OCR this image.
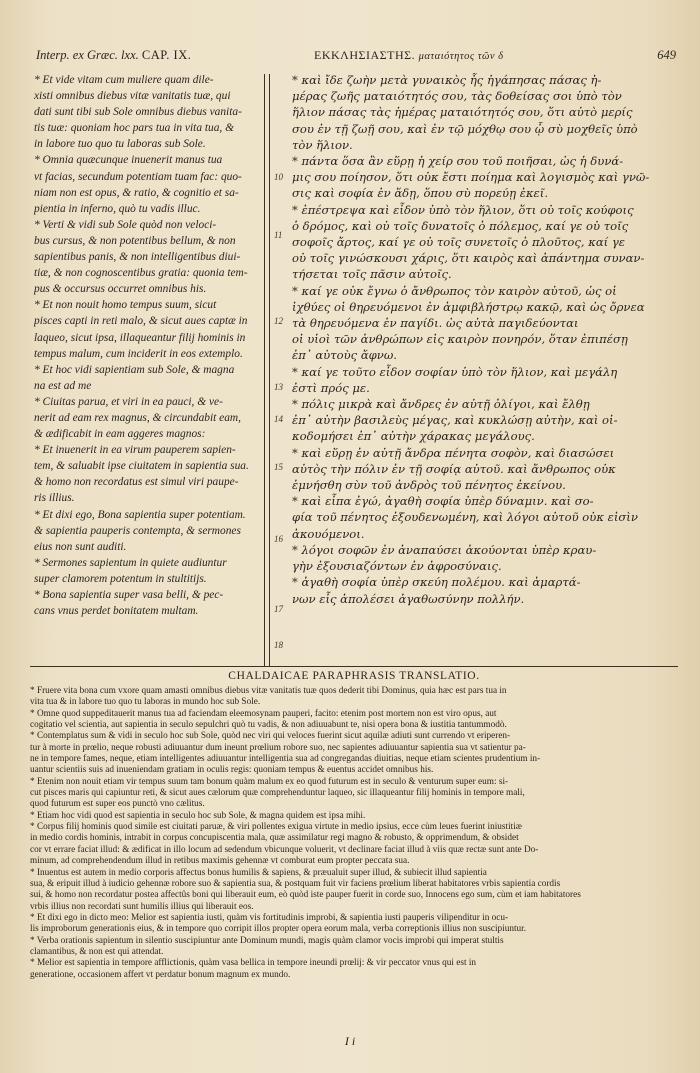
Interp. ex Græc. lxx. CAP. IX.	ΕΚΚΛΗΣΙΑΣΤΗΣ. ματαιότητος τῶν δ	649

* Et vide vitam cum muliere quam dile-

xisti omnibus diebus vitæ vanitatis tuæ, qui

dati sunt tibi sub Sole omnibus diebus vanita-

tis tuæ: quoniam hoc pars tua in vita tua, &

in labore tuo quo tu laboras sub Sole.

* Omnia quæcunque inuenerit manus tua

vt facias, secundum potentiam tuam fac: quo-

niam non est opus, & ratio, & cognitio et sa-

pientia in inferno, quò tu vadis illuc.

* Verti & vidi sub Sole quòd non veloci-

bus cursus, & non potentibus bellum, & non

sapientibus panis, & non intelligentibus diui-

tiæ, & non cognoscentibus gratia: quonia tem-

pus & occursus occurret omnibus his.

* Et non nouit homo tempus suum, sicut

pisces capti in reti malo, & sicut aues captæ in

laqueo, sicut ipsa, illaqueantur filij hominis in

tempus malum, cum inciderit in eos extemplo.

* Et hoc vidi sapientiam sub Sole, & magna

na est ad me

* Ciuitas parua, et viri in ea pauci, & ve-

nerit ad eam rex magnus, & circundabit eam,

& ædificabit in eam aggeres magnos:

* Et inuenerit in ea virum pauperem sapien-

tem, & saluabit ipse ciuitatem in sapientia sua.

& homo non recordatus est simul viri paupe-

ris illius.

* Et dixi ego, Bona sapientia super potentiam.

& sapientia pauperis contempta, & sermones

eius non sunt auditi.

* Sermones sapientum in quiete audiuntur

super clamorem potentum in stultitijs.

* Bona sapientia super vasa belli, & pec-

cans vnus perdet bonitatem multam.

10
11
12
13
14
15
16
17
18

* καὶ ἴδε ζωὴν μετὰ γυναικὸς ἧς ἠγάπησας πάσας ἡ-

μέρας ζωῆς ματαιότητός σου, τὰς δοθείσας σοι ὑπὸ τὸν

ἥλιον πάσας τὰς ἡμέρας ματαιότητός σου, ὅτι αὐτὸ μερίς

σου ἐν τῇ ζωῇ σου, καὶ ἐν τῷ μόχθῳ σου ᾧ σὺ μοχθεῖς ὑπὸ

τὸν ἥλιον.

* πάντα ὅσα ἂν εὕρῃ ἡ χείρ σου τοῦ ποιῆσαι, ὡς ἡ δυνά-

μις σου ποίησον, ὅτι οὐκ ἔστι ποίημα καὶ λογισμὸς καὶ γνῶ-

σις καὶ σοφία ἐν ἅδῃ, ὅπου σὺ πορεύῃ ἐκεῖ.

* ἐπέστρεψα καὶ εἶδον ὑπὸ τὸν ἥλιον, ὅτι οὐ τοῖς κούφοις

ὁ δρόμος, καὶ οὐ τοῖς δυνατοῖς ὁ πόλεμος, καί γε οὐ τοῖς

σοφοῖς ἄρτος, καί γε οὐ τοῖς συνετοῖς ὁ πλοῦτος, καί γε

οὐ τοῖς γινώσκουσι χάρις, ὅτι καιρὸς καὶ ἀπάντημα συναν-

τήσεται τοῖς πᾶσιν αὐτοῖς.

* καί γε οὐκ ἔγνω ὁ ἄνθρωπος τὸν καιρὸν αὐτοῦ, ὡς οἱ

ἰχθύες οἱ θηρευόμενοι ἐν ἀμφιβλήστρῳ κακῷ, καὶ ὡς ὄρνεα

τὰ θηρευόμενα ἐν παγίδι. ὡς αὐτὰ παγιδεύονται

οἱ υἱοὶ τῶν ἀνθρώπων εἰς καιρὸν πονηρόν, ὅταν ἐπιπέσῃ

ἐπ᾽ αὐτοὺς ἄφνω.

* καί γε τοῦτο εἶδον σοφίαν ὑπὸ τὸν ἥλιον, καὶ μεγάλη

ἐστὶ πρός με.

* πόλις μικρὰ καὶ ἄνδρες ἐν αὐτῇ ὀλίγοι, καὶ ἔλθῃ

ἐπ᾽ αὐτὴν βασιλεὺς μέγας, καὶ κυκλώσῃ αὐτὴν, καὶ οἰ-

κοδομήσει ἐπ᾽ αὐτὴν χάρακας μεγάλους.

* καὶ εὕρῃ ἐν αὐτῇ ἄνδρα πένητα σοφὸν, καὶ διασώσει

αὐτὸς τὴν πόλιν ἐν τῇ σοφίᾳ αὐτοῦ. καὶ ἄνθρωπος οὐκ

ἐμνήσθη σὺν τοῦ ἀνδρὸς τοῦ πένητος ἐκείνου.

* καὶ εἶπα ἐγώ, ἀγαθὴ σοφία ὑπὲρ δύναμιν. καὶ σο-

φία τοῦ πένητος ἐξουδενωμένη, καὶ λόγοι αὐτοῦ οὐκ εἰσὶν

ἀκουόμενοι.

* λόγοι σοφῶν ἐν ἀναπαύσει ἀκούονται ὑπὲρ κραυ-

γὴν ἐξουσιαζόντων ἐν ἀφροσύναις.

* ἀγαθὴ σοφία ὑπὲρ σκεύη πολέμου. καὶ ἁμαρτά-

νων εἷς ἀπολέσει ἀγαθωσύνην πολλήν.

CHALDAICAE PARAPHRASIS TRANSLATIO.

* Fruere vita bona cum vxore quam amasti omnibus diebus vitæ vanitatis tuæ quos dederit tibi Dominus, quia hæc est pars tua in

vita tua & in labore tuo quo tu laboras in mundo hoc sub Sole.

* Omne quod suppeditauerit manus tua ad faciendam eleemosynam pauperi, facito: etenim post mortem non est viro opus, aut

cogitatio vel scientia, aut sapientia in seculo sepulchri quò tu vadis, & non adiuuabunt te, nisi opera bona & iustitia tantummodò.

* Contemplatus sum & vidi in seculo hoc sub Sole, quòd nec viri qui veloces fuerint sicut aquilæ adiuti sunt currendo vt eriperen-

tur à morte in prœlio, neque robusti adiuuantur dum ineunt prœlium robore suo, nec sapientes adiuuantur sapientia sua vt satientur pa-

ne in tempore fames, neque, etiam intelligentes adiuuantur intelligentia sua ad congregandas diuitias, neque etiam scientes prudentium in-

uantur scientiis suis ad inueniendam gratiam in oculis regis: quoniam tempus & euentus accidet omnibus his.

* Etenim non nouit etiam vir tempus suum tam bonum quàm malum ex eo quod futurum est in seculo & venturum super eum: si-

cut pisces maris qui capiuntur reti, & sicut aues cælorum quæ comprehenduntur laqueo, sic illaqueantur filij hominis in tempore mali,

quod futurum est super eos punctò vno cælitus.

* Etiam hoc vidi quod est sapientia in seculo hoc sub Sole, & magna quidem est ipsa mihi.

* Corpus filij hominis quod simile est ciuitati paruæ, & viri pollentes exigua virtute in medio ipsius, ecce cùm leues fuerint iniustitiæ

in medio cordis hominis, intrabit in corpus concupiscentia mala, quæ assimilatur regi magno & robusto, & opprimendum, & obsidet

cor vt errare faciat illud: & ædificat in illo locum ad sedendum vbicunque voluerit, vt declinare faciat illud à viis quæ rectæ sunt ante Do-

minum, ad comprehendendum illud in retibus maximis gehennæ vt comburat eum propter peccata sua.

* Inuentus est autem in medio corporis affectus bonus humilis & sapiens, & præualuit super illud, & subiecit illud sapientia

sua, & eripuit illud à iudicio gehennæ robore suo & sapientia sua, & postquam fuit vir faciens prœlium liberat habitatores vrbis sapientia cordis

sui, & homo non recordatur postea affectûs boni qui liberauit eum, eò quòd iste pauper fuerit in corde suo, Innocens ego sum, cùm et iam habitatores

vrbis illius non recordati sunt humilis illius qui liberauit eos.

* Et dixi ego in dicto meo: Melior est sapientia iusti, quàm vis fortitudinis improbi, & sapientia iusti pauperis vilipenditur in ocu-

lis improborum generationis eius, & in tempore quo corripit illos propter opera eorum mala, verba correptionis illius non suscipiuntur.

* Verba orationis sapientum in silentio suscipiuntur ante Dominum mundi, magis quàm clamor vocis improbi qui imperat stultis

clamantibus, & non est qui attendat.

* Melior est sapientia in tempore afflictionis, quàm vasa bellica in tempore ineundi prœlij: & vir peccator vnus qui est in

generatione, occasionem affert vt perdatur bonum magnum ex mundo.

I i
